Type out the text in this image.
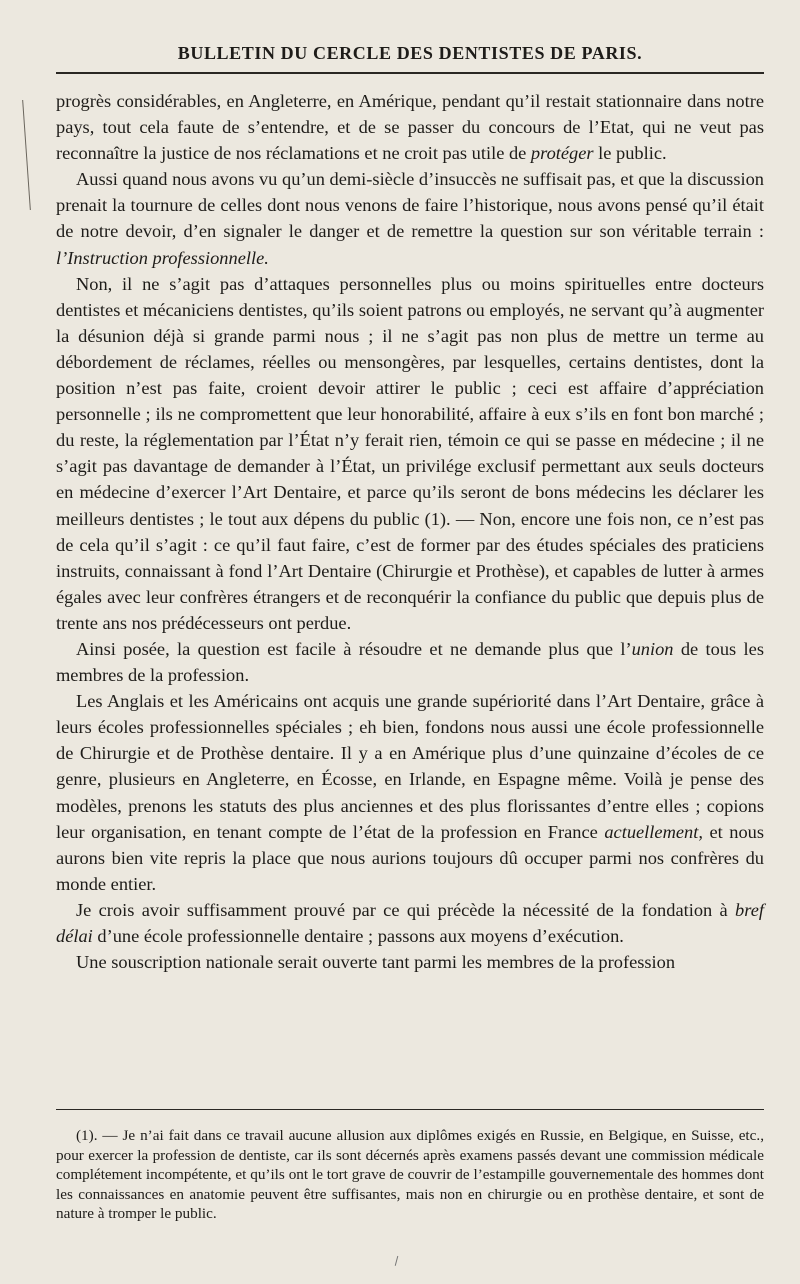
BULLETIN DU CERCLE DES DENTISTES DE PARIS.

progrès considérables, en Angleterre, en Amérique, pendant qu’il restait stationnaire dans notre pays, tout cela faute de s’entendre, et de se passer du concours de l’Etat, qui ne veut pas reconnaître la justice de nos réclamations et ne croit pas utile de protéger le public.

Aussi quand nous avons vu qu’un demi-siècle d’insuccès ne suffisait pas, et que la discussion prenait la tournure de celles dont nous venons de faire l’historique, nous avons pensé qu’il était de notre devoir, d’en signaler le danger et de remettre la question sur son véritable terrain : l’Instruction professionnelle.

Non, il ne s’agit pas d’attaques personnelles plus ou moins spirituelles entre docteurs dentistes et mécaniciens dentistes, qu’ils soient patrons ou employés, ne servant qu’à augmenter la désunion déjà si grande parmi nous ; il ne s’agit pas non plus de mettre un terme au débordement de réclames, réelles ou mensongères, par lesquelles, certains dentistes, dont la position n’est pas faite, croient devoir attirer le public ; ceci est affaire d’appréciation personnelle ; ils ne compromettent que leur honorabilité, affaire à eux s’ils en font bon marché ; du reste, la réglementation par l’État n’y ferait rien, témoin ce qui se passe en médecine ; il ne s’agit pas davantage de demander à l’État, un privilége exclusif permettant aux seuls docteurs en médecine d’exercer l’Art Dentaire, et parce qu’ils seront de bons médecins les déclarer les meilleurs dentistes ; le tout aux dépens du public (1). — Non, encore une fois non, ce n’est pas de cela qu’il s’agit : ce qu’il faut faire, c’est de former par des études spéciales des praticiens instruits, connaissant à fond l’Art Dentaire (Chirurgie et Prothèse), et capables de lutter à armes égales avec leur confrères étrangers et de reconquérir la confiance du public que depuis plus de trente ans nos prédécesseurs ont perdue.

Ainsi posée, la question est facile à résoudre et ne demande plus que l’union de tous les membres de la profession.

Les Anglais et les Américains ont acquis une grande supériorité dans l’Art Dentaire, grâce à leurs écoles professionnelles spéciales ; eh bien, fondons nous aussi une école professionnelle de Chirurgie et de Prothèse dentaire. Il y a en Amérique plus d’une quinzaine d’écoles de ce genre, plusieurs en Angleterre, en Écosse, en Irlande, en Espagne même. Voilà je pense des modèles, prenons les statuts des plus anciennes et des plus florissantes d’entre elles ; copions leur organisation, en tenant compte de l’état de la profession en France actuellement, et nous aurons bien vite repris la place que nous aurions toujours dû occuper parmi nos confrères du monde entier.

Je crois avoir suffisamment prouvé par ce qui précède la nécessité de la fondation à bref délai d’une école professionnelle dentaire ; passons aux moyens d’exécution.

Une souscription nationale serait ouverte tant parmi les membres de la profession

(1). — Je n’ai fait dans ce travail aucune allusion aux diplômes exigés en Russie, en Belgique, en Suisse, etc., pour exercer la profession de dentiste, car ils sont décernés après examens passés devant une commission médicale complétement incompétente, et qu’ils ont le tort grave de couvrir de l’estampille gouvernementale des hommes dont les connaissances en anatomie peuvent être suffisantes, mais non en chirurgie ou en prothèse dentaire, et sont de nature à tromper le public.
